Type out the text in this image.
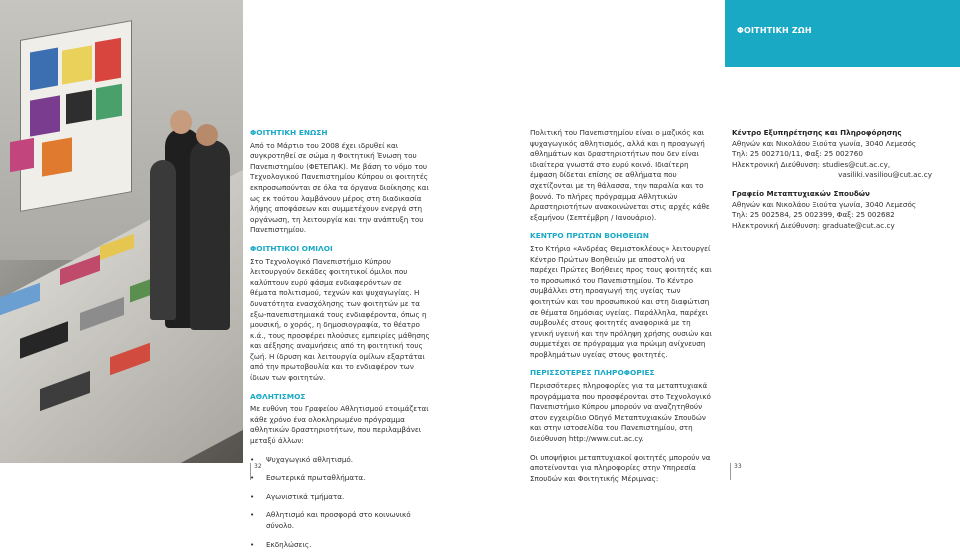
ΦΟΙΤΗΤΙΚΗ ΖΩΗ
ΦΟΙΤΗΤΙΚΗ ΕΝΩΣΗ
Από το Μάρτιο του 2008 έχει ιδρυθεί και συγκροτηθεί σε σώμα η Φοιτητική Ένωση του Πανεπιστημίου (ΦΕΤΕΠΑΚ). Με βάση το νόμο του Τεχνολογικού Πανεπιστημίου Κύπρου οι φοιτητές εκπροσωπούνται σε όλα τα όργανα διοίκησης και ως εκ τούτου λαμβάνουν μέρος στη διαδικασία λήψης αποφάσεων και συμμετέχουν ενεργά στη οργάνωση, τη λειτουργία και την ανάπτυξη του Πανεπιστημίου.
ΦΟΙΤΗΤΙΚΟΙ ΟΜΙΛΟΙ
Στο Τεχνολογικό Πανεπιστήμιο Κύπρου λειτουργούν δεκάδες φοιτητικοί όμιλοι που καλύπτουν ευρύ φάσμα ενδιαφερόντων σε θέματα πολιτισμού, τεχνών και ψυχαγωγίας. Η δυνατότητα ενασχόλησης των φοιτητών με τα εξω-πανεπιστημιακά τους ενδιαφέροντα, όπως η μουσική, ο χορός, η δημοσιογραφία, το θέατρο κ.ά., τους προσφέρει πλούσιες εμπειρίες μάθησης και αέξησης αναμνήσεις από τη φοιτητική τους ζωή. Η ίδρυση και λειτουργία ομίλων εξαρτάται από την πρωτοβουλία και το ενδιαφέρον των ίδιων των φοιτητών.
ΑΘΛΗΤΙΣΜΟΣ
Με ευθύνη του Γραφείου Αθλητισμού ετοιμάζεται κάθε χρόνο ένα ολοκληρωμένο πρόγραμμα αθλητικών δραστηριοτήτων, που περιλαμβάνει μεταξύ άλλων:
• Ψυχαγωγικό αθλητισμό.
• Εσωτερικά πρωταθλήματα.
• Αγωνιστικά τμήματα.
• Αθλητισμό και προσφορά στο κοινωνικό σύνολο.
• Εκδηλώσεις.
Πολιτική του Πανεπιστημίου είναι ο μαζικός και ψυχαγωγικός αθλητισμός, αλλά και η προαγωγή αθλημάτων και δραστηριοτήτων που δεν είναι ιδιαίτερα γνωστά στο ευρύ κοινό. Ιδιαίτερη έμφαση δίδεται επίσης σε αθλήματα που σχετίζονται με τη θάλασσα, την παραλία και το βουνό. Το πλήρες πρόγραμμα Αθλητικών Δραστηριοτήτων ανακοινώνεται στις αρχές κάθε εξαμήνου (Σεπτέμβρη / Ιανουάριο).
ΚΕΝΤΡΟ ΠΡΩΤΩΝ ΒΟΗΘΕΙΩΝ
Στο Κτήριο «Ανδρέας Θεμιστοκλέους» λειτουργεί Κέντρο Πρώτων Βοηθειών με αποστολή να παρέχει Πρώτες Βοήθειες προς τους φοιτητές και το προσωπικό του Πανεπιστημίου. Το Κέντρο συμβάλλει στη προαγωγή της υγείας των φοιτητών και του προσωπικού και στη διαφώτιση σε θέματα δημόσιας υγείας. Παράλληλα, παρέχει συμβουλές στους φοιτητές αναφορικά με τη γενική υγεινή και την πρόληψη χρήσης ουσιών και συμμετέχει σε πρόγραμμα για πρώιμη ανίχνευση προβλημάτων υγείας στους φοιτητές.
ΠΕΡΙΣΣΟΤΕΡΕΣ ΠΛΗΡΟΦΟΡΙΕΣ
Περισσότερες πληροφορίες για τα μεταπτυχιακά προγράμματα που προσφέρονται στο Τεχνολογικό Πανεπιστήμιο Κύπρου μπορούν να αναζητηθούν στον εγχειρίδιο Οδηγό Μεταπτυχιακών Σπουδών και στην ιστοσελίδα του Πανεπιστημίου, στη διεύθυνση http://www.cut.ac.cy.
Οι υποψήφιοι μεταπτυχιακοί φοιτητές μπορούν να αποτείνονται για πληροφορίες στην Υπηρεσία Σπουδών και Φοιτητικής Μέριμνας:
Κέντρο Εξυπηρέτησης και Πληροφόρησης
Αθηνών και Νικολάου Ξιούτα γωνία, 3040 Λεμεσός
Τηλ: 25 002710/11, Φαξ: 25 002760
Ηλεκτρονική Διεύθυνση: studies@cut.ac.cy,
vasiliki.vasiliou@cut.ac.cy
Γραφείο Μεταπτυχιακών Σπουδών
Αθηνών και Νικολάου Ξιούτα γωνία, 3040 Λεμεσός
Τηλ: 25 002584, 25 002399, Φαξ: 25 002682
Ηλεκτρονική Διεύθυνση: graduate@cut.ac.cy
32	33
